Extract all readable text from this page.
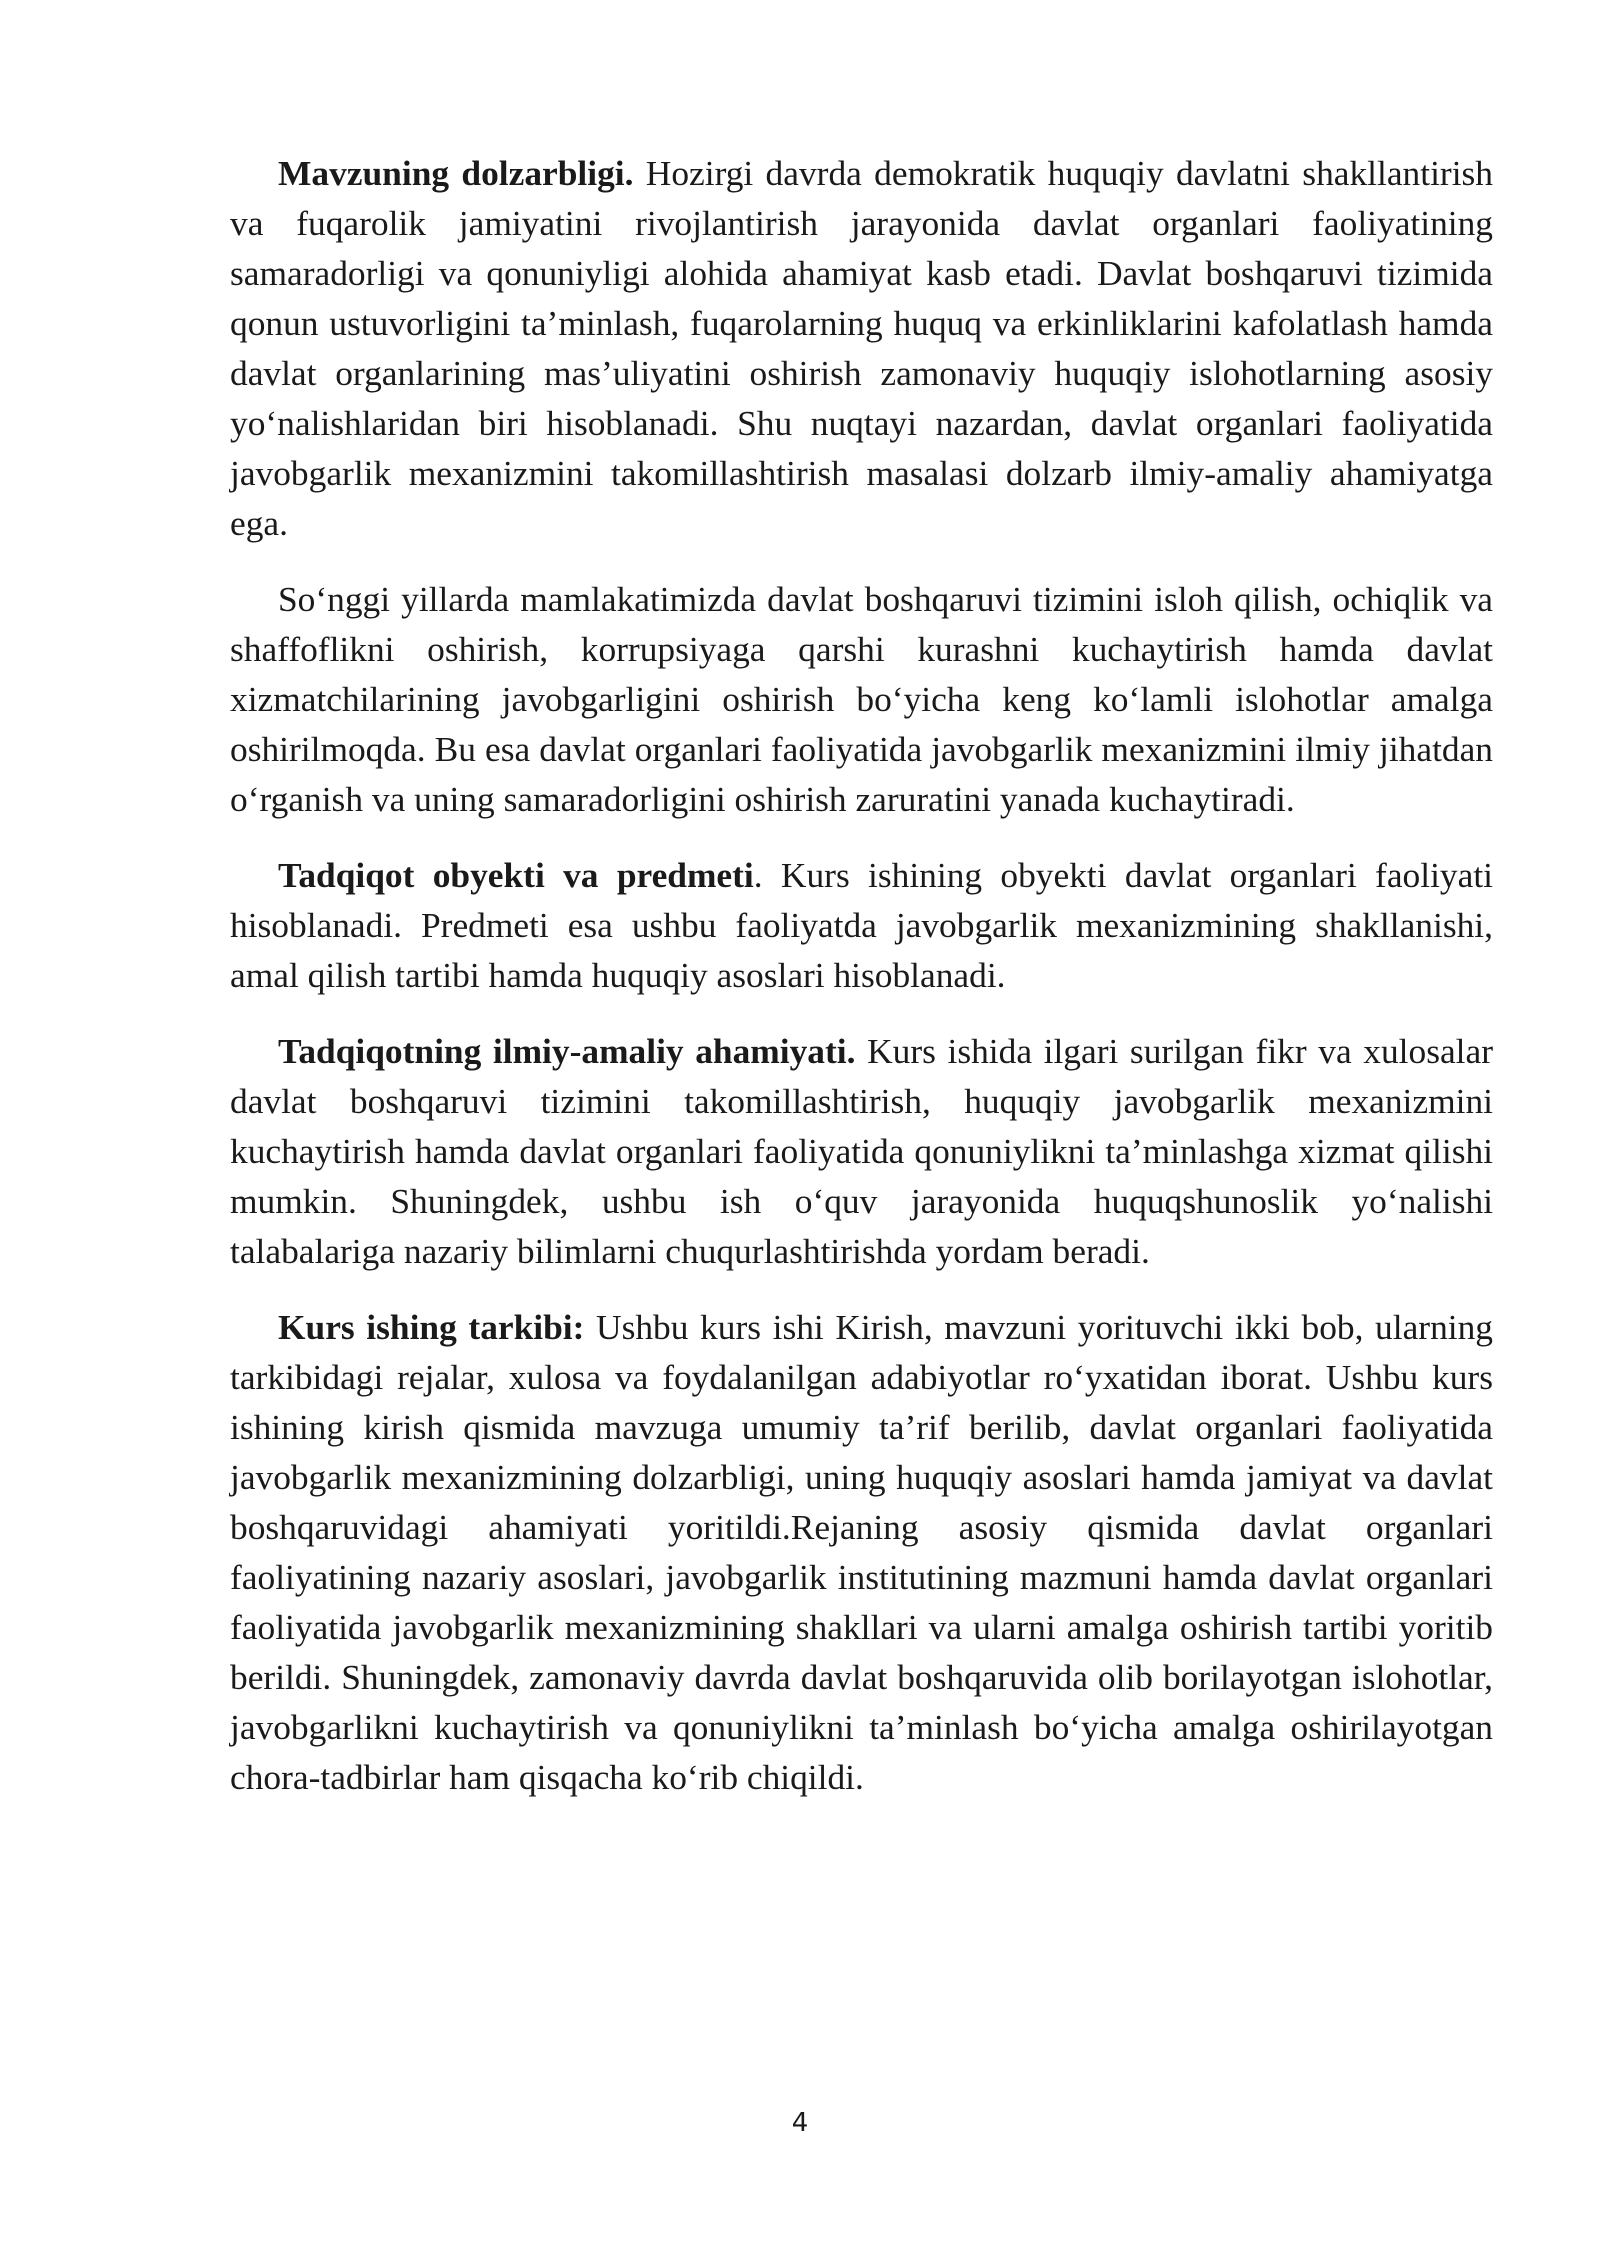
Mavzuning dolzarbligi. Hozirgi davrda demokratik huquqiy davlatni shakllantirish va fuqarolik jamiyatini rivojlantirish jarayonida davlat organlari faoliyatining samaradorligi va qonuniyligi alohida ahamiyat kasb etadi. Davlat boshqaruvi tizimida qonun ustuvorligini ta’minlash, fuqarolarning huquq va erkinliklarini kafolatlash hamda davlat organlarining mas’uliyatini oshirish zamonaviy huquqiy islohotlarning asosiy yo‘nalishlaridan biri hisoblanadi. Shu nuqtayi nazardan, davlat organlari faoliyatida javobgarlik mexanizmini takomillashtirish masalasi dolzarb ilmiy-amaliy ahamiyatga ega.

So‘nggi yillarda mamlakatimizda davlat boshqaruvi tizimini isloh qilish, ochiqlik va shaffoflikni oshirish, korrupsiyaga qarshi kurashni kuchaytirish hamda davlat xizmatchilarining javobgarligini oshirish bo‘yicha keng ko‘lamli islohotlar amalga oshirilmoqda. Bu esa davlat organlari faoliyatida javobgarlik mexanizmini ilmiy jihatdan o‘rganish va uning samaradorligini oshirish zaruratini yanada kuchaytiradi.

Tadqiqot obyekti va predmeti. Kurs ishining obyekti davlat organlari faoliyati hisoblanadi. Predmeti esa ushbu faoliyatda javobgarlik mexanizmining shakllanishi, amal qilish tartibi hamda huquqiy asoslari hisoblanadi.

Tadqiqotning ilmiy-amaliy ahamiyati. Kurs ishida ilgari surilgan fikr va xulosalar davlat boshqaruvi tizimini takomillashtirish, huquqiy javobgarlik mexanizmini kuchaytirish hamda davlat organlari faoliyatida qonuniylikni ta’minlashga xizmat qilishi mumkin. Shuningdek, ushbu ish o‘quv jarayonida huquqshunoslik yo‘nalishi talabalariga nazariy bilimlarni chuqurlashtirishda yordam beradi.

Kurs ishing tarkibi: Ushbu kurs ishi Kirish, mavzuni yorituvchi ikki bob, ularning tarkibidagi rejalar, xulosa va foydalanilgan adabiyotlar ro‘yxatidan iborat. Ushbu kurs ishining kirish qismida mavzuga umumiy ta’rif berilib, davlat organlari faoliyatida javobgarlik mexanizmining dolzarbligi, uning huquqiy asoslari hamda jamiyat va davlat boshqaruvidagi ahamiyati yoritildi.Rejaning asosiy qismida davlat organlari faoliyatining nazariy asoslari, javobgarlik institutining mazmuni hamda davlat organlari faoliyatida javobgarlik mexanizmining shakllari va ularni amalga oshirish tartibi yoritib berildi. Shuningdek, zamonaviy davrda davlat boshqaruvida olib borilayotgan islohotlar, javobgarlikni kuchaytirish va qonuniylikni ta’minlash bo‘yicha amalga oshirilayotgan chora-tadbirlar ham qisqacha ko‘rib chiqildi.

4
